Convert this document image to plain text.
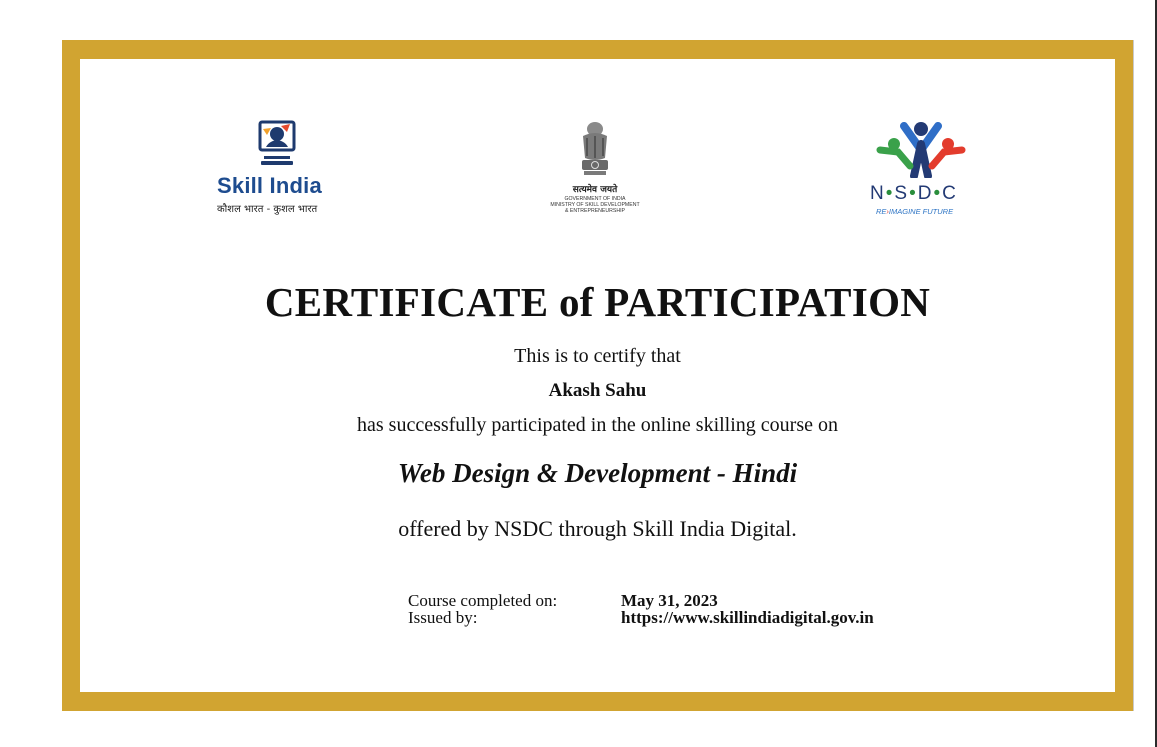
Skill India
कौशल भारत - कुशल भारत
सत्यमेव जयते
GOVERNMENT OF INDIA
MINISTRY OF SKILL DEVELOPMENT
& ENTREPRENEURSHIP
N•S•D•C
RE›IMAGINE FUTURE
CERTIFICATE of PARTICIPATION
This is to certify that
Akash Sahu
has successfully participated in the online skilling course on
Web Design & Development - Hindi
offered by NSDC through Skill India Digital.
Course completed on:
Issued by:
May 31, 2023
https://www.skillindiadigital.gov.in
